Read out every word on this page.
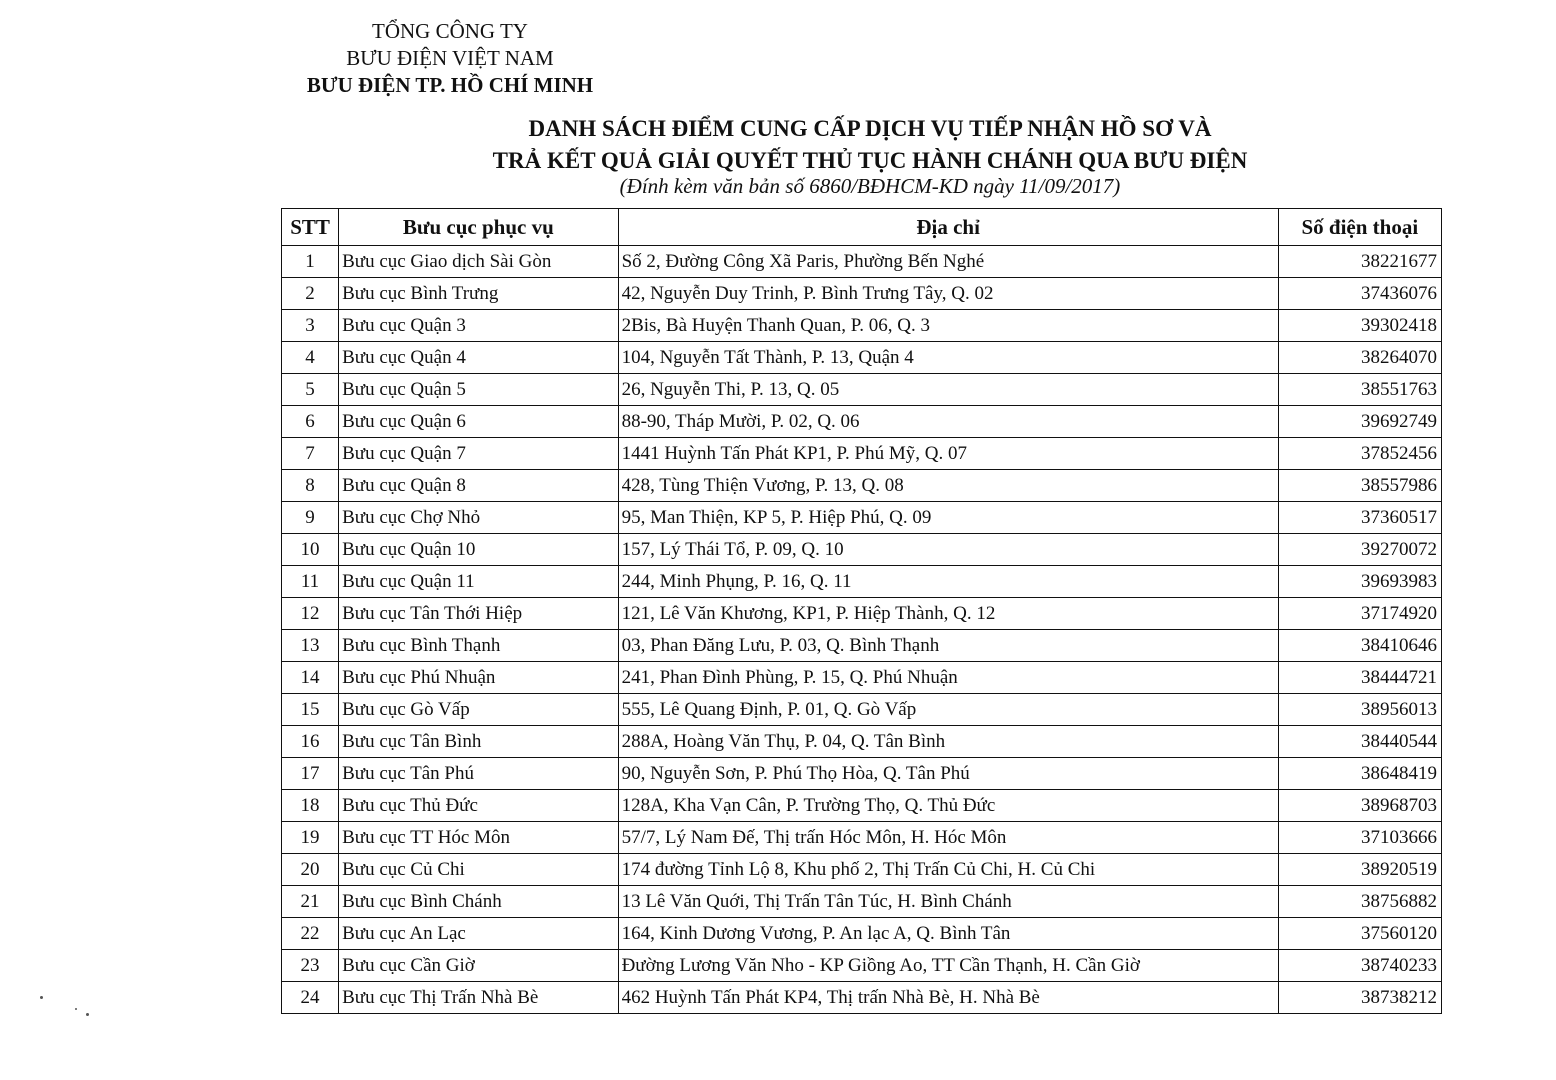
TỔNG CÔNG TY
BƯU ĐIỆN VIỆT NAM
BƯU ĐIỆN TP. HỒ CHÍ MINH
DANH SÁCH ĐIỂM CUNG CẤP DỊCH VỤ TIẾP NHẬN HỒ SƠ VÀ
TRẢ KẾT QUẢ GIẢI QUYẾT THỦ TỤC HÀNH CHÁNH QUA BƯU ĐIỆN
(Đính kèm văn bản số 6860/BĐHCM-KD ngày 11/09/2017)
STT	Bưu cục phục vụ	Địa chỉ	Số điện thoại
1	Bưu cục Giao dịch Sài Gòn	Số 2, Đường Công Xã Paris, Phường Bến Nghé	38221677
2	Bưu cục Bình Trưng	42, Nguyễn Duy Trinh, P. Bình Trưng Tây, Q. 02	37436076
3	Bưu cục Quận 3	2Bis, Bà Huyện Thanh Quan, P. 06, Q. 3	39302418
4	Bưu cục Quận 4	104, Nguyễn Tất Thành, P. 13, Quận 4	38264070
5	Bưu cục Quận 5	26, Nguyễn Thi, P. 13, Q. 05	38551763
6	Bưu cục Quận 6	88-90, Tháp Mười, P. 02, Q. 06	39692749
7	Bưu cục Quận 7	1441 Huỳnh Tấn Phát KP1, P. Phú Mỹ, Q. 07	37852456
8	Bưu cục Quận 8	428, Tùng Thiện Vương, P. 13, Q. 08	38557986
9	Bưu cục Chợ Nhỏ	95, Man Thiện, KP 5, P. Hiệp Phú, Q. 09	37360517
10	Bưu cục Quận 10	157, Lý Thái Tổ, P. 09, Q. 10	39270072
11	Bưu cục Quận 11	244, Minh Phụng, P. 16, Q. 11	39693983
12	Bưu cục Tân Thới Hiệp	121, Lê Văn Khương, KP1, P. Hiệp Thành, Q. 12	37174920
13	Bưu cục Bình Thạnh	03, Phan Đăng Lưu, P. 03, Q. Bình Thạnh	38410646
14	Bưu cục Phú Nhuận	241, Phan Đình Phùng, P. 15, Q. Phú Nhuận	38444721
15	Bưu cục Gò Vấp	555, Lê Quang Định, P. 01, Q. Gò Vấp	38956013
16	Bưu cục Tân Bình	288A, Hoàng Văn Thụ, P. 04, Q. Tân Bình	38440544
17	Bưu cục Tân Phú	90, Nguyễn Sơn, P. Phú Thọ Hòa, Q. Tân Phú	38648419
18	Bưu cục Thủ Đức	128A, Kha Vạn Cân, P. Trường Thọ, Q. Thủ Đức	38968703
19	Bưu cục TT Hóc Môn	57/7, Lý Nam Đế, Thị trấn Hóc Môn, H. Hóc Môn	37103666
20	Bưu cục Củ Chi	174 đường Tỉnh Lộ 8, Khu phố 2, Thị Trấn Củ Chi, H. Củ Chi	38920519
21	Bưu cục Bình Chánh	13 Lê Văn Quới, Thị Trấn Tân Túc, H. Bình Chánh	38756882
22	Bưu cục An Lạc	164, Kinh Dương Vương, P. An lạc A, Q. Bình Tân	37560120
23	Bưu cục Cần Giờ	Đường Lương Văn Nho - KP Giồng Ao, TT Cần Thạnh, H. Cần Giờ	38740233
24	Bưu cục Thị Trấn Nhà Bè	462 Huỳnh Tấn Phát KP4, Thị trấn Nhà Bè, H. Nhà Bè	38738212
